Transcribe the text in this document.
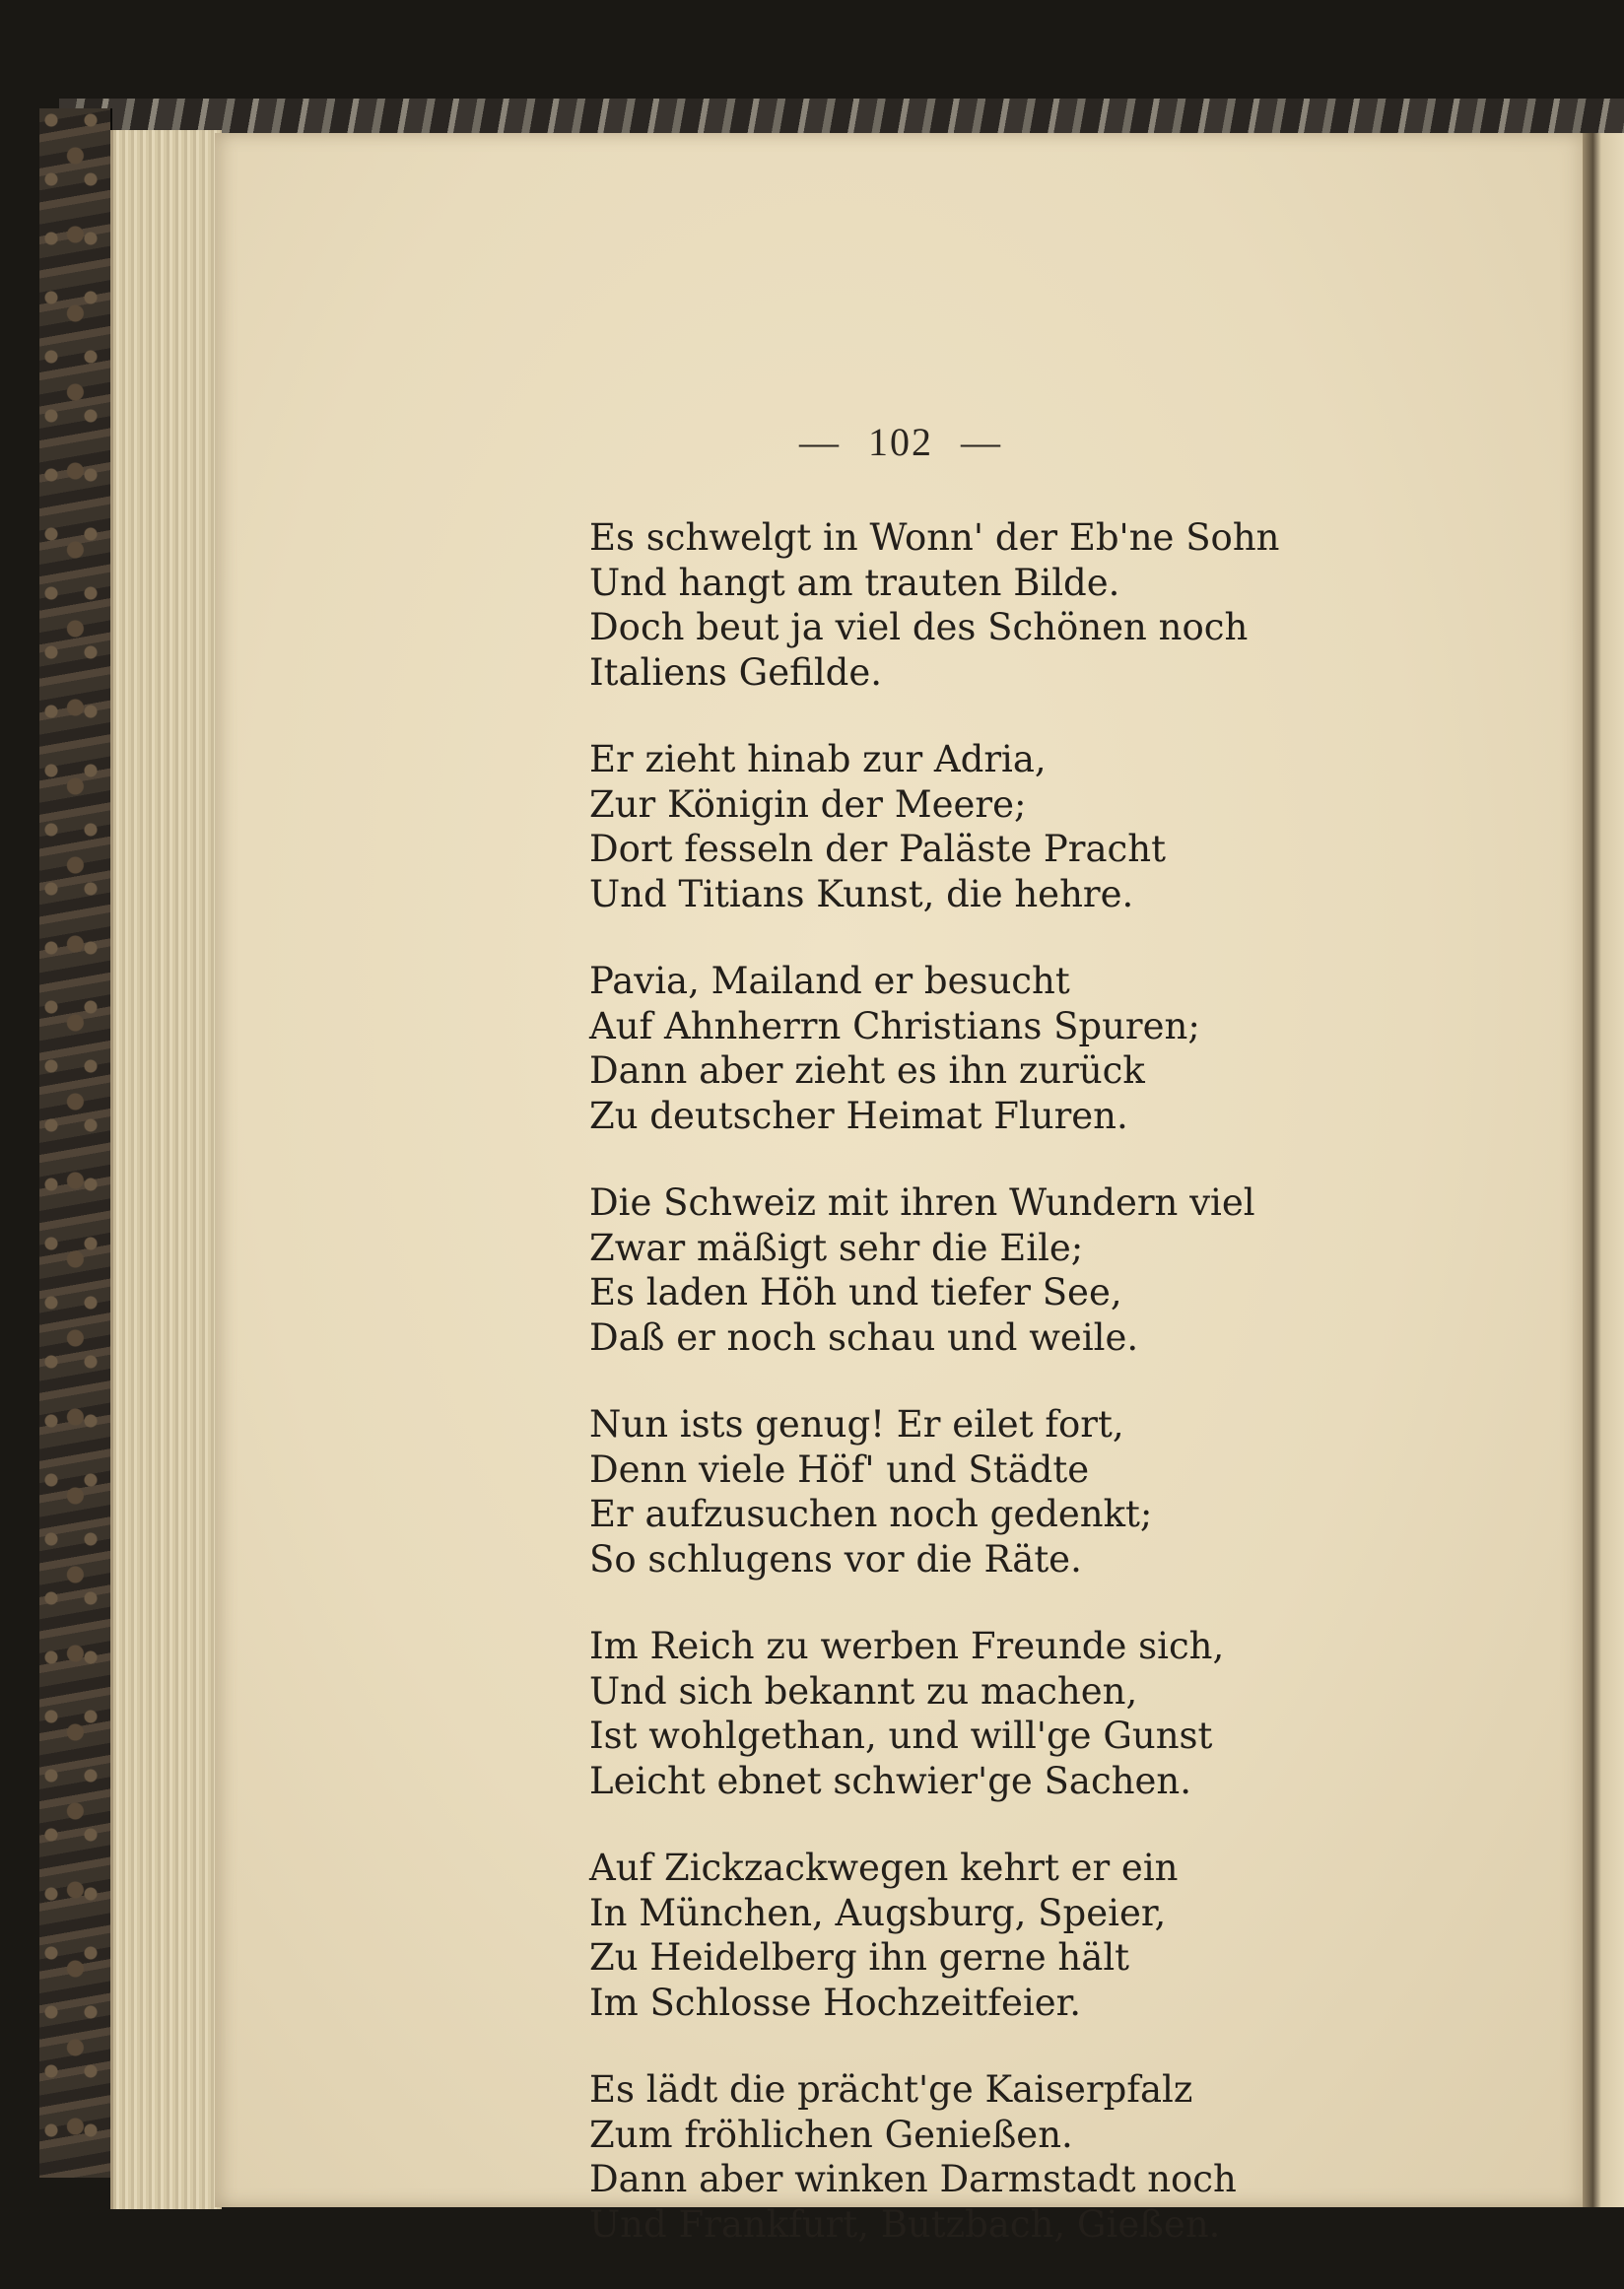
— 102 —
Es schwelgt in Wonn' der Eb'ne Sohn
Und hangt am trauten Bilde.
Doch beut ja viel des Schönen noch
Italiens Gefilde.
Er zieht hinab zur Adria,
Zur Königin der Meere;
Dort fesseln der Paläste Pracht
Und Titians Kunst, die hehre.
Pavia, Mailand er besucht
Auf Ahnherrn Christians Spuren;
Dann aber zieht es ihn zurück
Zu deutscher Heimat Fluren.
Die Schweiz mit ihren Wundern viel
Zwar mäßigt sehr die Eile;
Es laden Höh und tiefer See,
Daß er noch schau und weile.
Nun ists genug! Er eilet fort,
Denn viele Höf' und Städte
Er aufzusuchen noch gedenkt;
So schlugens vor die Räte.
Im Reich zu werben Freunde sich,
Und sich bekannt zu machen,
Ist wohlgethan, und will'ge Gunst
Leicht ebnet schwier'ge Sachen.
Auf Zickzackwegen kehrt er ein
In München, Augsburg, Speier,
Zu Heidelberg ihn gerne hält
Im Schlosse Hochzeitfeier.
Es lädt die prächt'ge Kaiserpfalz
Zum fröhlichen Genießen.
Dann aber winken Darmstadt noch
Und Frankfurt, Butzbach, Gießen.
